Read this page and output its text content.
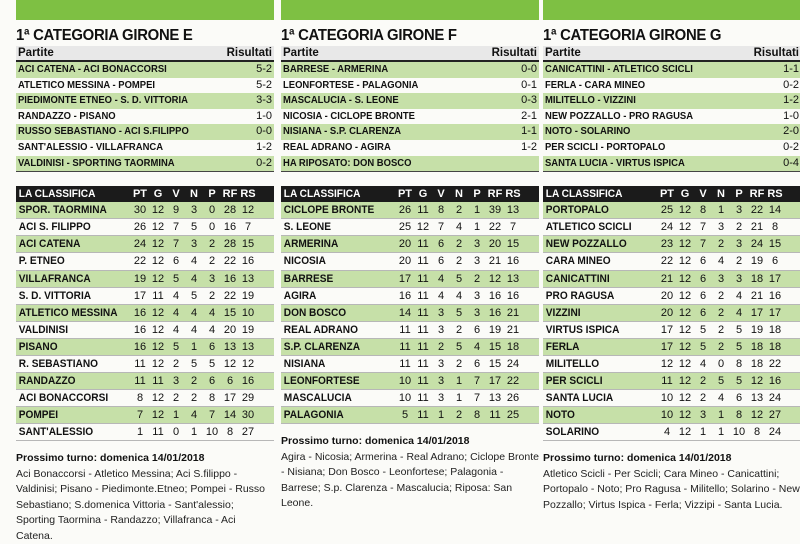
1ª CATEGORIA GIRONE E
Partite	Risultati
ACI CATENA - ACI BONACCORSI	5-2
ATLETICO MESSINA - POMPEI	5-2
PIEDIMONTE ETNEO - S. D. VITTORIA	3-3
RANDAZZO - PISANO	1-0
RUSSO SEBASTIANO - ACI S.FILIPPO	0-0
SANT'ALESSIO - VILLAFRANCA	1-2
VALDINISI - SPORTING TAORMINA	0-2
LA CLASSIFICA	PT G V N P RF RS
SPOR. TAORMINA	30 12 9	3	0 28 12
ACI S. FILIPPO	26 12 7	5	0 16 7
ACI CATENA	24 12 7	3	2 28 15
P. ETNEO	22 12 6	4	2 22 16
VILLAFRANCA	19 12 5	4	3 16 13
S. D. VITTORIA	17 11 4	5	2 22 19
ATLETICO MESSINA	16 12 4	4	4 15 10
VALDINISI	16 12 4	4	4 20 19
PISANO	16 12 5	1	6 13 13
R. SEBASTIANO	11 12 2	5	5 12 12
RANDAZZO	11 11 3	2	6	6 16
ACI BONACCORSI	8 12 2	2	8 17 29
POMPEI	7 12 1	4	7 14 30
SANT'ALESSIO	1 11 0	1 10 8 27
Prossimo turno: domenica 14/01/2018
Aci Bonaccorsi - Atletico Messina; Aci S.filippo - Valdinisi; Pisano - Piedimonte.Etneo; Pompei - Russo Sebastiano; S.domenica Vittoria - Sant'alessio; Sporting Taormina - Randazzo; Villafranca - Aci Catena.
1ª CATEGORIA GIRONE F
Partite	Risultati
BARRESE - ARMERINA	0-0
LEONFORTESE - PALAGONIA	0-1
MASCALUCIA - S. LEONE	0-3
NICOSIA - CICLOPE BRONTE	2-1
NISIANA - S.P. CLARENZA	1-1
REAL ADRANO - AGIRA	1-2
HA RIPOSATO: DON BOSCO
LA CLASSIFICA	PT G V N P RF RS
CICLOPE BRONTE	26 11 8	2	1 39 13
S. LEONE	25 12 7	4	1 22 7
ARMERINA	20 11 6	2	3 20 15
NICOSIA	20 11 6	2	3 21 16
BARRESE	17 11 4	5	2 12 13
AGIRA	16 11 4	4	3 16 16
DON BOSCO	14 11 3	5	3 16 21
REAL ADRANO	11 11 3	2	6 19 21
S.P. CLARENZA	11 11 2	5	4 15 18
NISIANA	11 11 3	2	6 15 24
LEONFORTESE	10 11 3	1	7 17 22
MASCALUCIA	10 11 3	1	7 13 26
PALAGONIA	5 11 1	2	8 11 25
Prossimo turno: domenica 14/01/2018
Agira - Nicosia; Armerina - Real Adrano; Ciclope Bronte - Nisiana; Don Bosco - Leonfortese; Palagonia - Barrese; S.p. Clarenza - Mascalucia; Riposa: San Leone.
1ª CATEGORIA GIRONE G
Partite	Risultati
CANICATTINI - ATLETICO SCICLI	1-1
FERLA - CARA MINEO	0-2
MILITELLO - VIZZINI	1-2
NEW POZZALLO - PRO RAGUSA	1-0
NOTO - SOLARINO	2-0
PER SCICLI - PORTOPALO	0-2
SANTA LUCIA - VIRTUS ISPICA	0-4
LA CLASSIFICA	PT G V N P RF RS
PORTOPALO	25 12 8	1	3 22 14
ATLETICO SCICLI	24 12 7	3	2 21 8
NEW POZZALLO	23 12 7	2	3 24 15
CARA MINEO	22 12 6	4	2 19 6
CANICATTINI	21 12 6	3	3 18 17
PRO RAGUSA	20 12 6	2	4 21 16
VIZZINI	20 12 6	2	4 17 17
VIRTUS ISPICA	17 12 5	2	5 19 18
FERLA	17 12 5	2	5 18 18
MILITELLO	12 12 4	0	8 18 22
PER SCICLI	11 12 2	5	5 12 16
SANTA LUCIA	10 12 2	4	6 13 24
NOTO	10 12 3	1	8 12 27
SOLARINO	4 12 1	1 10 8 24
Prossimo turno: domenica 14/01/2018
Atletico Scicli - Per Scicli; Cara Mineo - Canicattini; Portopalo - Noto; Pro Ragusa - Militello; Solarino - New Pozzallo; Virtus Ispica - Ferla; Vizzipi - Santa Lucia.
